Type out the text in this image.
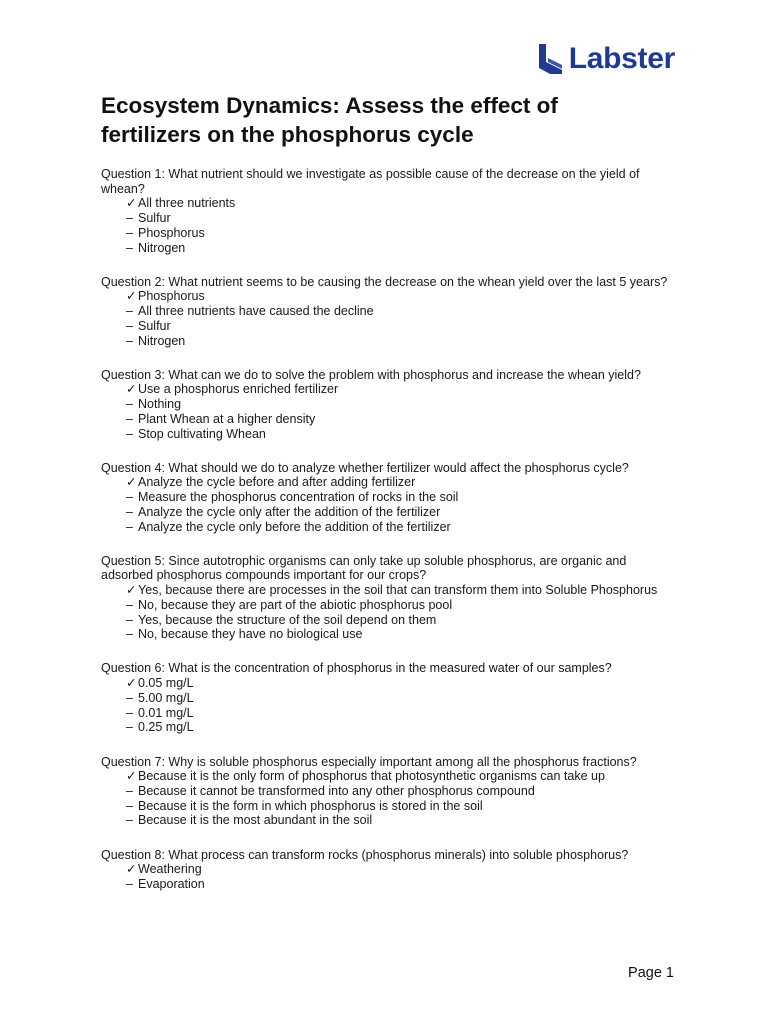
Labster
Ecosystem Dynamics: Assess the effect of fertilizers on the phosphorus cycle

Question 1: What nutrient should we investigate as possible cause of the decrease on the yield of whean?

✓ All three nutrients
– Sulfur
– Phosphorus
– Nitrogen

Question 2: What nutrient seems to be causing the decrease on the whean yield over the last 5 years?

✓ Phosphorus
– All three nutrients have caused the decline
– Sulfur
– Nitrogen

Question 3: What can we do to solve the problem with phosphorus and increase the whean yield?

✓ Use a phosphorus enriched fertilizer
– Nothing
– Plant Whean at a higher density
– Stop cultivating Whean

Question 4: What should we do to analyze whether fertilizer would affect the phosphorus cycle?

✓ Analyze the cycle before and after adding fertilizer
– Measure the phosphorus concentration of rocks in the soil
– Analyze the cycle only after the addition of the fertilizer
– Analyze the cycle only before the addition of the fertilizer

Question 5: Since autotrophic organisms can only take up soluble phosphorus, are organic and adsorbed phosphorus compounds important for our crops?

✓ Yes, because there are processes in the soil that can transform them into Soluble Phosphorus
– No, because they are part of the abiotic phosphorus pool
– Yes, because the structure of the soil depend on them
– No, because they have no biological use

Question 6: What is the concentration of phosphorus in the measured water of our samples?

✓ 0.05 mg/L
– 5.00 mg/L
– 0.01 mg/L
– 0.25 mg/L

Question 7: Why is soluble phosphorus especially important among all the phosphorus fractions?

✓ Because it is the only form of phosphorus that photosynthetic organisms can take up
– Because it cannot be transformed into any other phosphorus compound
– Because it is the form in which phosphorus is stored in the soil
– Because it is the most abundant in the soil

Question 8: What process can transform rocks (phosphorus minerals) into soluble phosphorus?

✓ Weathering
– Evaporation
Page 1
